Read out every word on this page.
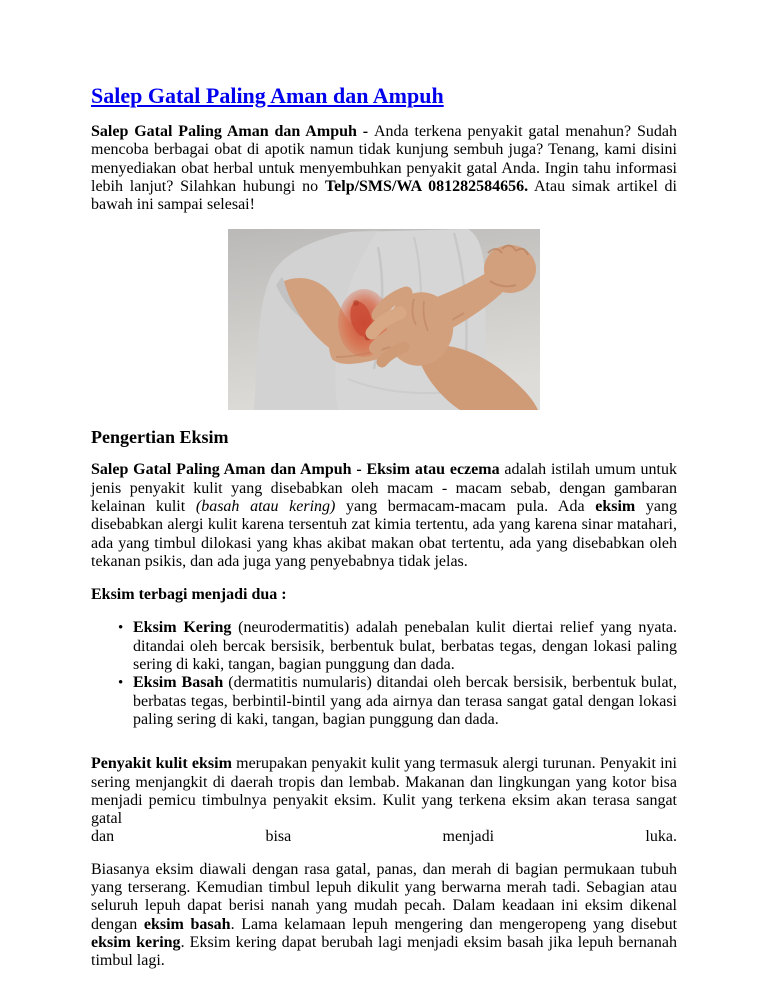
Salep Gatal Paling Aman dan Ampuh

Salep Gatal Paling Aman dan Ampuh - Anda terkena penyakit gatal menahun? Sudah mencoba berbagai obat di apotik namun tidak kunjung sembuh juga? Tenang, kami disini menyediakan obat herbal untuk menyembuhkan penyakit gatal Anda. Ingin tahu informasi lebih lanjut? Silahkan hubungi no Telp/SMS/WA 081282584656. Atau simak artikel di bawah ini sampai selesai!

Pengertian Eksim

Salep Gatal Paling Aman dan Ampuh - Eksim atau eczema adalah istilah umum untuk jenis penyakit kulit yang disebabkan oleh macam - macam sebab, dengan gambaran kelainan kulit (basah atau kering) yang bermacam-macam pula. Ada eksim yang disebabkan alergi kulit karena tersentuh zat kimia tertentu, ada yang karena sinar matahari, ada yang timbul dilokasi yang khas akibat makan obat tertentu, ada yang disebabkan oleh tekanan psikis, dan ada juga yang penyebabnya tidak jelas.

Eksim terbagi menjadi dua :

• Eksim Kering (neurodermatitis) adalah penebalan kulit diertai relief yang nyata. ditandai oleh bercak bersisik, berbentuk bulat, berbatas tegas, dengan lokasi paling sering di kaki, tangan, bagian punggung dan dada.
• Eksim Basah (dermatitis numularis) ditandai oleh bercak bersisik, berbentuk bulat, berbatas tegas, berbintil-bintil yang ada airnya dan terasa sangat gatal dengan lokasi paling sering di kaki, tangan, bagian punggung dan dada.

Penyakit kulit eksim merupakan penyakit kulit yang termasuk alergi turunan. Penyakit ini sering menjangkit di daerah tropis dan lembab. Makanan dan lingkungan yang kotor bisa menjadi pemicu timbulnya penyakit eksim. Kulit yang terkena eksim akan terasa sangat gatal

dan	bisa	menjadi	luka.

Biasanya eksim diawali dengan rasa gatal, panas, dan merah di bagian permukaan tubuh yang terserang. Kemudian timbul lepuh dikulit yang berwarna merah tadi. Sebagian atau seluruh lepuh dapat berisi nanah yang mudah pecah. Dalam keadaan ini eksim dikenal dengan eksim basah. Lama kelamaan lepuh mengering dan mengeropeng yang disebut eksim kering. Eksim kering dapat berubah lagi menjadi eksim basah jika lepuh bernanah timbul lagi.
